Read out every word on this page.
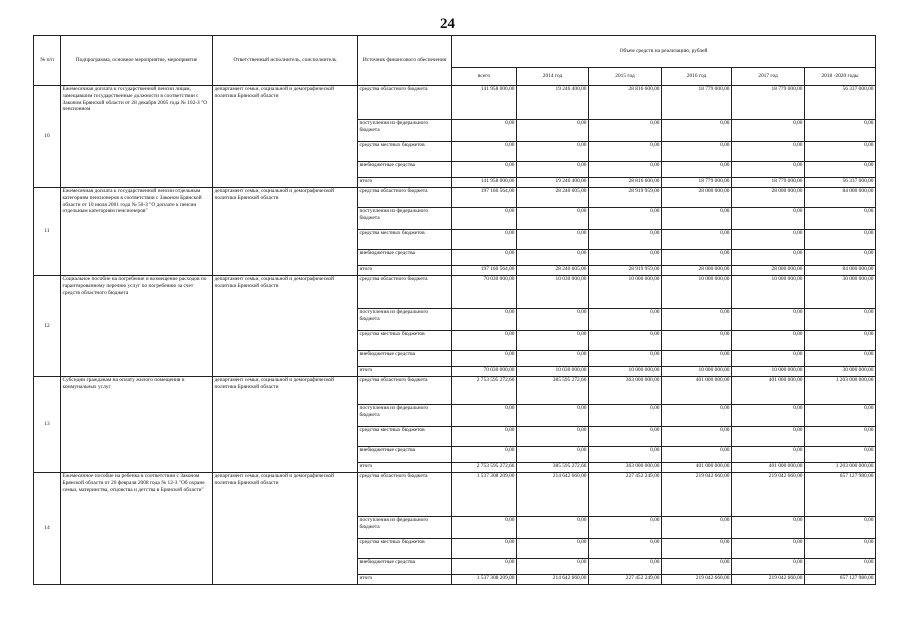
24
№ п/п	Подпрограмма, основное мероприятие, мероприятие	Ответственный исполнитель, соисполнитель	Источник финансового обеспечения	Объем средств на реализацию, рублей					
				всего	2014 год	2015 год	2016 год	2017 год	2018 -2020 годы
10	Ежемесячная доплата к государственной пенсии лицам, замещавшим государственные должности в соответствии с Законом Брянской области от 28 декабря 2005 года № 102-З "О пенсионном	департамент семьи, социальной и демографической политики Брянской области	средства областного бюджета	141 958 000,00	19 246 400,00	28 816 600,00	18 779 000,00	18 779 000,00	56 337 000,00
			поступления из федерального бюджета	0,00	0,00	0,00	0,00	0,00	0,00
			средства местных бюджетов	0,00	0,00	0,00	0,00	0,00	0,00
			внебюджетные средства	0,00	0,00	0,00	0,00	0,00	0,00
			итого	141 958 000,00	19 246 400,00	28 816 600,00	18 779 000,00	18 779 000,00	56 337 000,00
11	Ежемесячная доплата к государственной пенсии отдельным категориям пенсионеров в соответствии с Законом Брянской области от 10 июля 2001 года № 50-З "О доплате к пенсии отдельным категориям пенсионеров"	департамент семьи, социальной и демографической политики Брянской области	средства областного бюджета	197 160 564,00	28 240 605,00	28 919 959,00	28 000 000,00	28 000 000,00	84 000 000,00
			поступления из федерального бюджета	0,00	0,00	0,00	0,00	0,00	0,00
			средства местных бюджетов	0,00	0,00	0,00	0,00	0,00	0,00
			внебюджетные средства	0,00	0,00	0,00	0,00	0,00	0,00
			итого	197 160 564,00	28 240 605,00	28 919 959,00	28 000 000,00	28 000 000,00	84 000 000,00
12	Социальное пособие на погребение и возмещение расходов по гарантированному перечню услуг по погребению за счет средств областного бюджета	департамент семьи, социальной и демографической политики Брянской области	средства областного бюджета	70 030 000,00	10 030 000,00	10 000 000,00	10 000 000,00	10 000 000,00	30 000 000,00
			поступления из федерального бюджета	0,00	0,00	0,00	0,00	0,00	0,00
			средства местных бюджетов	0,00	0,00	0,00	0,00	0,00	0,00
			внебюджетные средства	0,00	0,00	0,00	0,00	0,00	0,00
			итого	70 030 000,00	10 030 000,00	10 000 000,00	10 000 000,00	10 000 000,00	30 000 000,00
13	Субсидии гражданам на оплату жилого помещения и коммунальных услуг	департамент семьи, социальной и демографической политики Брянской области	средства областного бюджета	2 753 595 272,66	385 595 272,66	363 000 000,00	401 000 000,00	401 000 000,00	1 203 000 000,00
			поступления из федерального бюджета	0,00	0,00	0,00	0,00	0,00	0,00
			средства местных бюджетов	0,00	0,00	0,00	0,00	0,00	0,00
			внебюджетные средства	0,00	0,00	0,00	0,00	0,00	0,00
			итого	2 753 595 272,66	385 595 272,66	363 000 000,00	401 000 000,00	401 000 000,00	1 203 000 000,00
14	Ежемесячное пособие на ребенка в соответствии с Законом Брянской области от 20 февраля 2008 года № 12-З "Об охране семьи, материнства, отцовства и детства в Брянской области"	департамент семьи, социальной и демографической политики Брянской области	средства областного бюджета	1 537 308 209,00	214 642 660,00	227 452 249,00	219 042 660,00	219 042 660,00	657 127 980,00
			поступления из федерального бюджета	0,00	0,00	0,00	0,00	0,00	0,00
			средства местных бюджетов	0,00	0,00	0,00	0,00	0,00	0,00
			внебюджетные средства	0,00	0,00	0,00	0,00	0,00	0,00
			итого	1 537 308 209,00	214 642 660,00	227 452 249,00	219 042 660,00	219 042 660,00	657 127 980,00
